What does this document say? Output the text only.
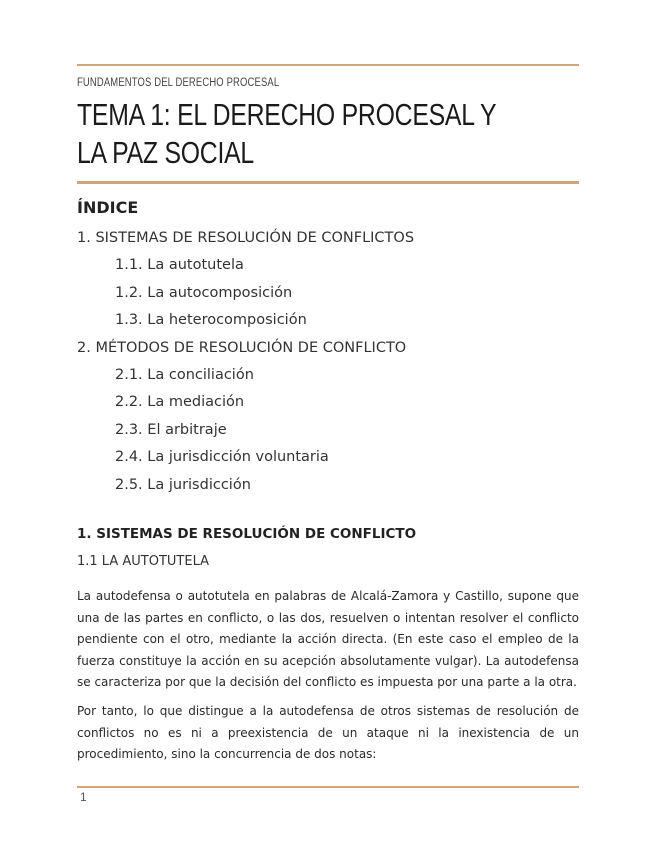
FUNDAMENTOS DEL DERECHO PROCESAL
TEMA 1: EL DERECHO PROCESAL Y LA PAZ SOCIAL
ÍNDICE
1. SISTEMAS DE RESOLUCIÓN DE CONFLICTOS
1.1. La autotutela
1.2. La autocomposición
1.3. La heterocomposición
2. MÉTODOS DE RESOLUCIÓN DE CONFLICTO
2.1. La conciliación
2.2. La mediación
2.3. El arbitraje
2.4. La jurisdicción voluntaria
2.5. La jurisdicción
1. SISTEMAS DE RESOLUCIÓN DE CONFLICTO
1.1 LA AUTOTUTELA

La autodefensa o autotutela en palabras de Alcalá-Zamora y Castillo, supone que una de las partes en conflicto, o las dos, resuelven o intentan resolver el conflicto pendiente con el otro, mediante la acción directa. (En este caso el empleo de la fuerza constituye la acción en su acepción absolutamente vulgar). La autodefensa se caracteriza por que la decisión del conflicto es impuesta por una parte a la otra.

Por tanto, lo que distingue a la autodefensa de otros sistemas de resolución de conflictos no es ni a preexistencia de un ataque ni la inexistencia de un procedimiento, sino la concurrencia de dos notas:

1
